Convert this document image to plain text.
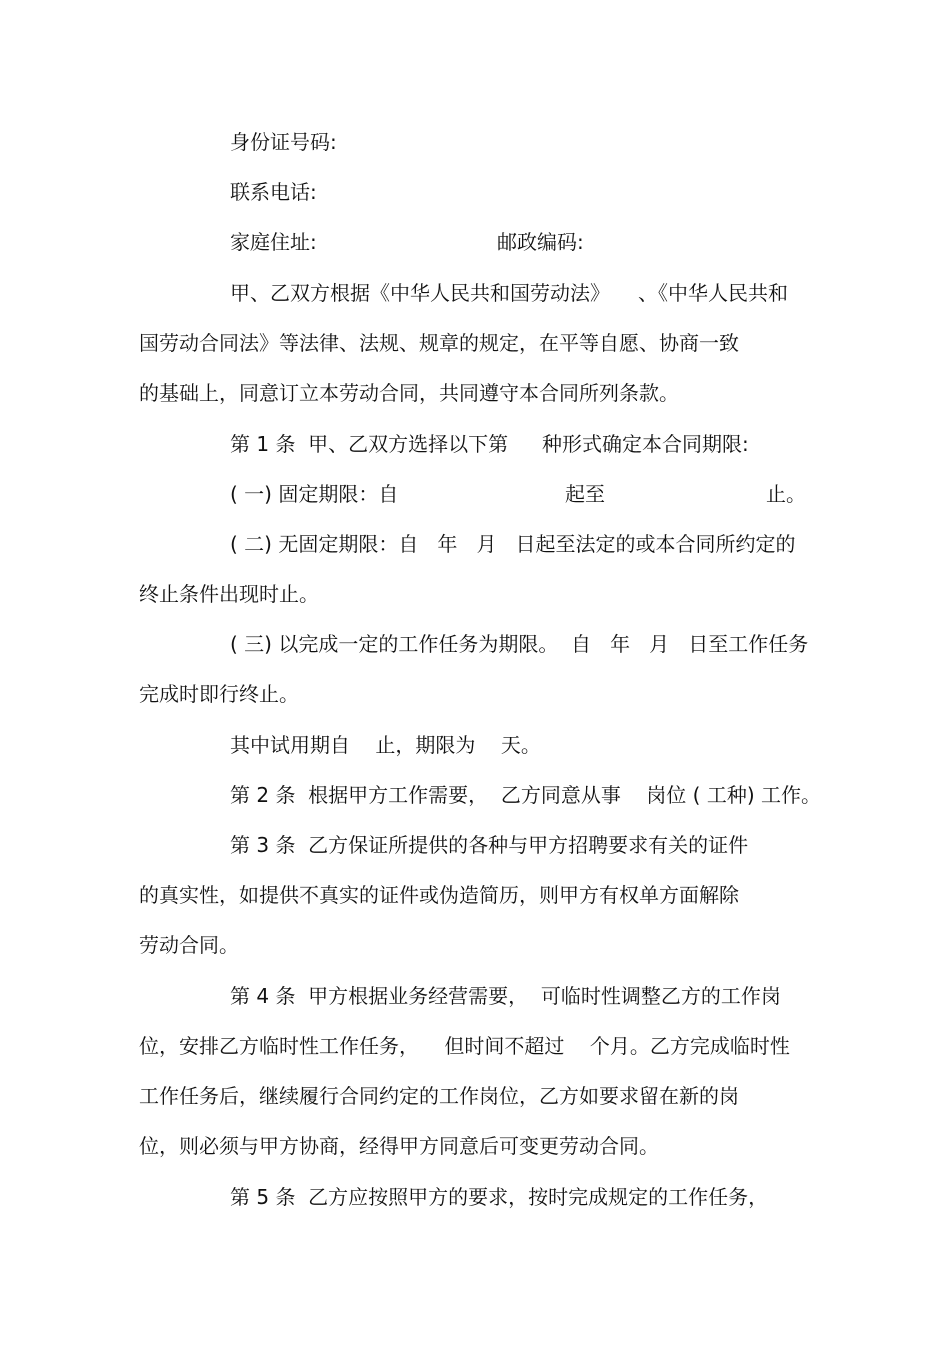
身份证号码:
联系电话:
家庭住址:	邮政编码:
甲、乙双方根据《中华人民共和国劳动法》 、《中华人民共和
国劳动合同法》等法律、法规、规章的规定，在平等自愿、协商一致
的基础上，同意订立本劳动合同，共同遵守本合同所列条款。
第 1 条  甲、乙双方选择以下第 种形式确定本合同期限:
( 一) 固定期限：自	起至	止。
( 二) 无固定期限：自   年   月   日起至法定的或本合同所约定的
终止条件出现时止。
( 三) 以完成一定的工作任务为期限。  自   年   月   日至工作任务
完成时即行终止。
其中试用期自    止，期限为    天。
第 2 条  根据甲方工作需要，  乙方同意从事    岗位 ( 工种) 工作。
第 3 条  乙方保证所提供的各种与甲方招聘要求有关的证件
的真实性，如提供不真实的证件或伪造简历，则甲方有权单方面解除
劳动合同。
第 4 条  甲方根据业务经营需要，  可临时性调整乙方的工作岗
位，安排乙方临时性工作任务，    但时间不超过    个月。乙方完成临时性
工作任务后，继续履行合同约定的工作岗位，乙方如要求留在新的岗
位，则必须与甲方协商，经得甲方同意后可变更劳动合同。
第 5 条  乙方应按照甲方的要求，按时完成规定的工作任务，
